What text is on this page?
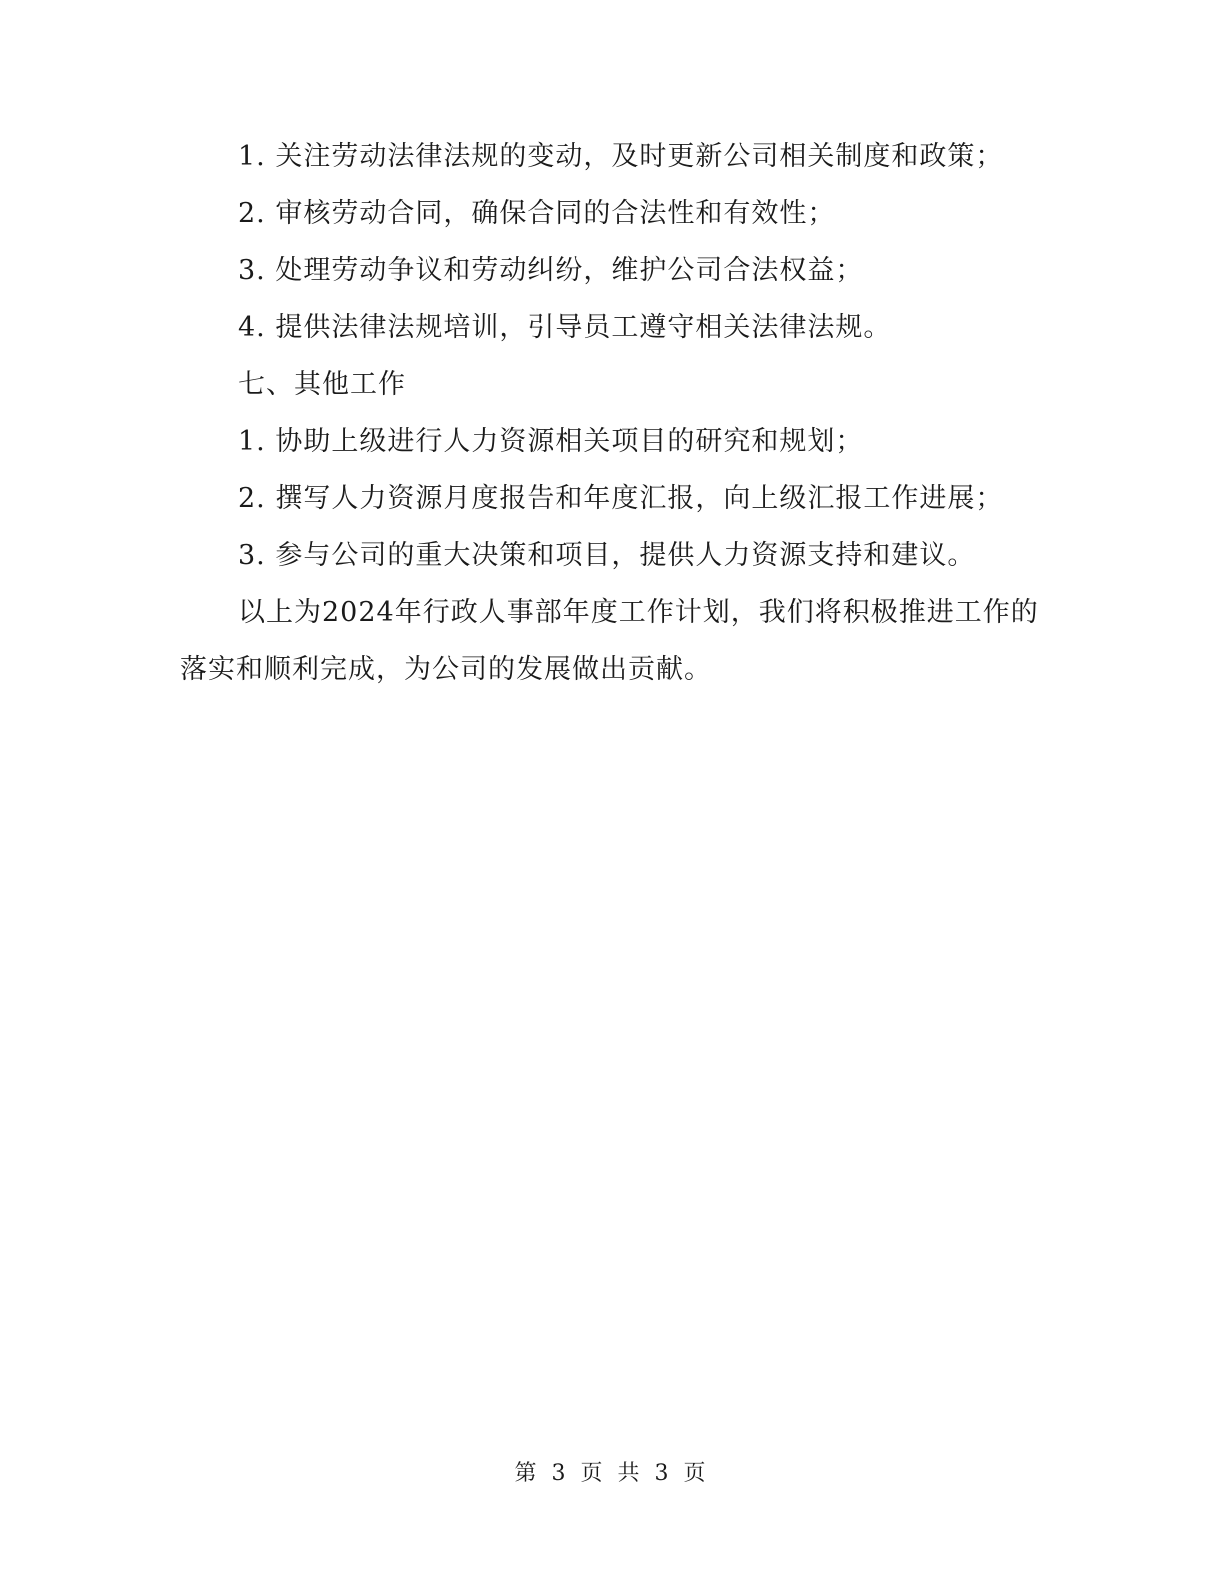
1. 关注劳动法律法规的变动，及时更新公司相关制度和政策；

2. 审核劳动合同，确保合同的合法性和有效性；

3. 处理劳动争议和劳动纠纷，维护公司合法权益；

4. 提供法律法规培训，引导员工遵守相关法律法规。

七、其他工作

1. 协助上级进行人力资源相关项目的研究和规划；

2. 撰写人力资源月度报告和年度汇报，向上级汇报工作进展；

3. 参与公司的重大决策和项目，提供人力资源支持和建议。

以上为2024年行政人事部年度工作计划，我们将积极推进工作的落实和顺利完成，为公司的发展做出贡献。

第 3 页 共 3 页
